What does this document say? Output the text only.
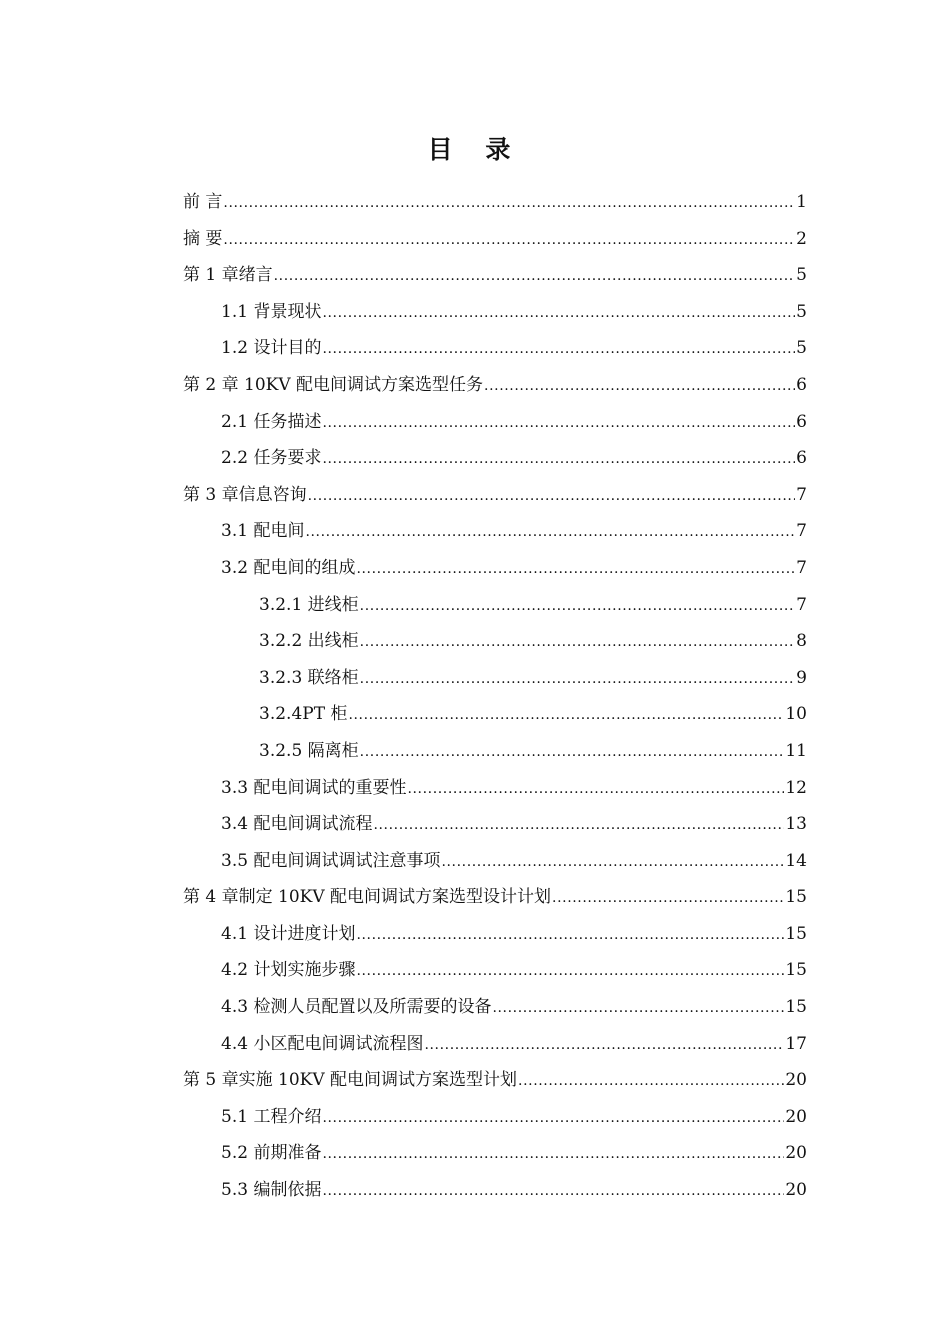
目 录
前 言 .....	1
摘 要 .....	2
第 1 章绪言 .....	5
1.1 背景现状 .....	5
1.2 设计目的 .....	5
第 2 章 10KV 配电间调试方案选型任务 .....	6
2.1 任务描述 .....	6
2.2 任务要求 .....	6
第 3 章信息咨询 .....	7
3.1 配电间 .....	7
3.2 配电间的组成 .....	7
3.2.1 进线柜 .....	7
3.2.2 出线柜 .....	8
3.2.3 联络柜 .....	9
3.2.4PT 柜 .....	10
3.2.5 隔离柜 .....	11
3.3 配电间调试的重要性 .....	12
3.4 配电间调试流程 .....	13
3.5 配电间调试调试注意事项 .....	14
第 4 章制定 10KV 配电间调试方案选型设计计划 .....	15
4.1 设计进度计划 .....	15
4.2 计划实施步骤 .....	15
4.3 检测人员配置以及所需要的设备 .....	15
4.4 小区配电间调试流程图 .....	17
第 5 章实施 10KV 配电间调试方案选型计划 .....	20
5.1 工程介绍 .....	20
5.2 前期准备 .....	20
5.3 编制依据 .....	20
